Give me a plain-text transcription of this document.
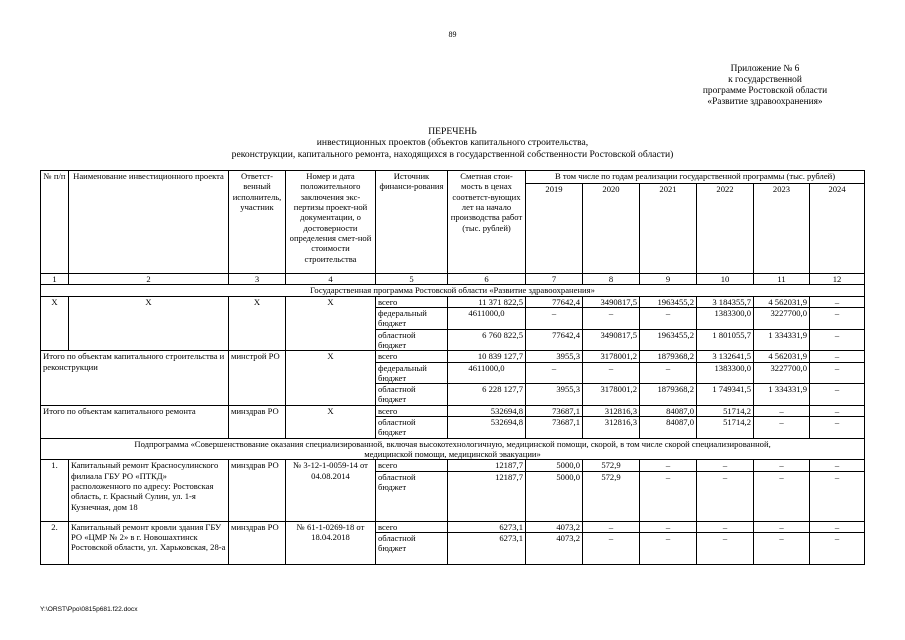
89
Приложение № 6
к государственной
программе Ростовской области
«Развитие здравоохранения»
ПЕРЕЧЕНЬ
инвестиционных проектов (объектов капитального строительства,
реконструкции, капитального ремонта, находящихся в государственной собственности Ростовской области)
№ п/п	Наименование инвестиционного проекта	Ответст-венный исполнитель, участник	Номер и дата положительного заключения экс-пертизы проект-ной документации, о достоверности определения смет-ной стоимости строительства	Источник финанси-рования	Сметная стои-мость в ценах соответст-вующих лет на начало производства работ (тыс. рублей)	В том числе по годам реализации государственной программы (тыс. рублей)					
						2019	2020	2021	2022	2023	2024
1	2	3	4	5	6	7	8	9	10	11	12
Государственная программа Ростовской области «Развитие здравоохранения»											
Х	Х	Х	Х	всего	11 371 822,5	77642,4	3490817,5	1963455,2	3 184355,7	4 562031,9	–
				федеральный бюджет	4611000,0	–	–	–	1383300,0	3227700,0	–
				областной бюджет	6 760 822,5	77642,4	3490817,5	1963455,2	1 801055,7	1 334331,9	–
Итого по объектам капитального строительства и реконструкции		минстрой РО	Х	всего	10 839 127,7	3955,3	3178001,2	1879368,2	3 132641,5	4 562031,9	–
				федеральный бюджет	4611000,0	–	–	–	1383300,0	3227700,0	–
				областной бюджет	6 228 127,7	3955,3	3178001,2	1879368,2	1 749341,5	1 334331,9	–
Итого по объектам капитального ремонта		минздрав РО	Х	всего	532694,8	73687,1	312816,3	84087,0	51714,2	–	–
				областной бюджет	532694,8	73687,1	312816,3	84087,0	51714,2	–	–
Подпрограмма «Совершенствование оказания специализированной, включая высокотехнологичную, медицинской помощи, скорой, в том числе скорой специализированной, медицинской помощи, медицинской эвакуации»											
1.	Капитальный ремонт Красносулинского филиала ГБУ РО «ПТКД» расположенного по адресу: Ростовская область, г. Красный Сулин, ул. 1-я Кузнечная, дом 18	минздрав РО	№ 3-12-1-0059-14 от 04.08.2014	всего	12187,7	5000,0	572,9	–	–	–	–
				областной бюджет	12187,7	5000,0	572,9	–	–	–	–
2.	Капитальный ремонт кровли здания ГБУ РО «ЦМР № 2» в г. Новошахтинск Ростовской области, ул. Харьковская, 28-а	минздрав РО	№ 61-1-0269-18 от 18.04.2018	всего	6273,1	4073,2	–	–	–	–	–
				областной бюджет	6273,1	4073,2	–	–	–	–	–
Y:\ORST\Ppo\0815p681.f22.docx
